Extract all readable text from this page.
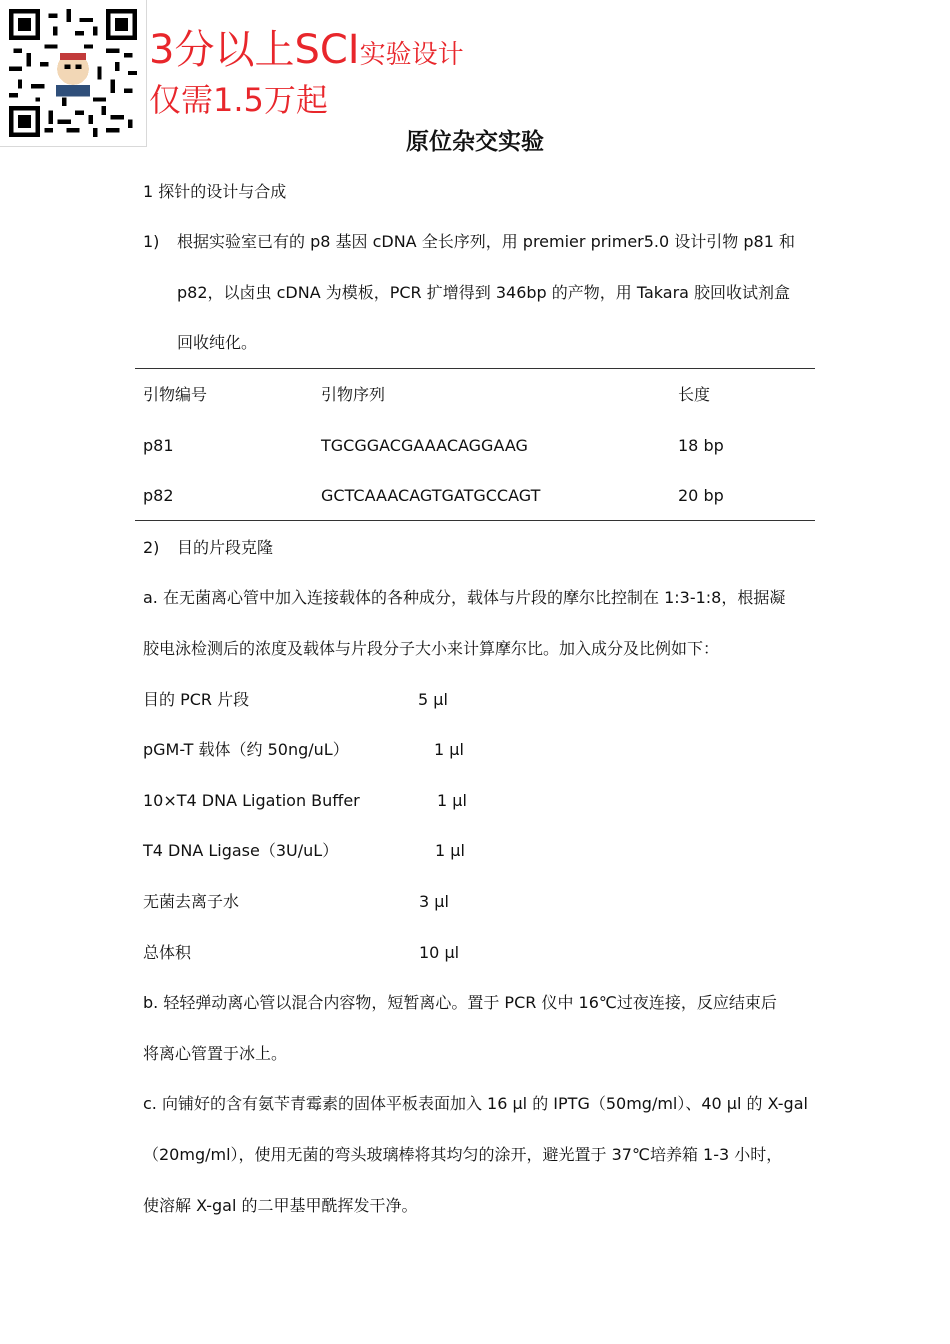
3分以上SCI实验设计
仅需1.5万起
原位杂交实验
1 探针的设计与合成
1) 根据实验室已有的 p8 基因 cDNA 全长序列，用 premier primer5.0 设计引物 p81 和
p82，以卤虫 cDNA 为模板，PCR 扩增得到 346bp 的产物，用 Takara 胶回收试剂盒
回收纯化。
引物编号	引物序列	长度
p81	TGCGGACGAAACAGGAAG	18 bp
p82	GCTCAAACAGTGATGCCAGT	20 bp
2) 目的片段克隆
a. 在无菌离心管中加入连接载体的各种成分，载体与片段的摩尔比控制在 1:3-1:8，根据凝
胶电泳检测后的浓度及载体与片段分子大小来计算摩尔比。加入成分及比例如下：
目的 PCR 片段	5 μl
pGM-T 载体（约 50ng/uL）	1 μl
10×T4 DNA Ligation Buffer	1 μl
T4 DNA Ligase（3U/uL）	1 μl
无菌去离子水	3 μl
总体积	10 μl
b. 轻轻弹动离心管以混合内容物，短暂离心。置于 PCR 仪中 16℃过夜连接，反应结束后
将离心管置于冰上。
c. 向铺好的含有氨苄青霉素的固体平板表面加入 16 μl 的 IPTG（50mg/ml）、40 μl 的 X-gal
（20mg/ml），使用无菌的弯头玻璃棒将其均匀的涂开，避光置于 37℃培养箱 1-3 小时，
使溶解 X-gal 的二甲基甲酰挥发干净。
